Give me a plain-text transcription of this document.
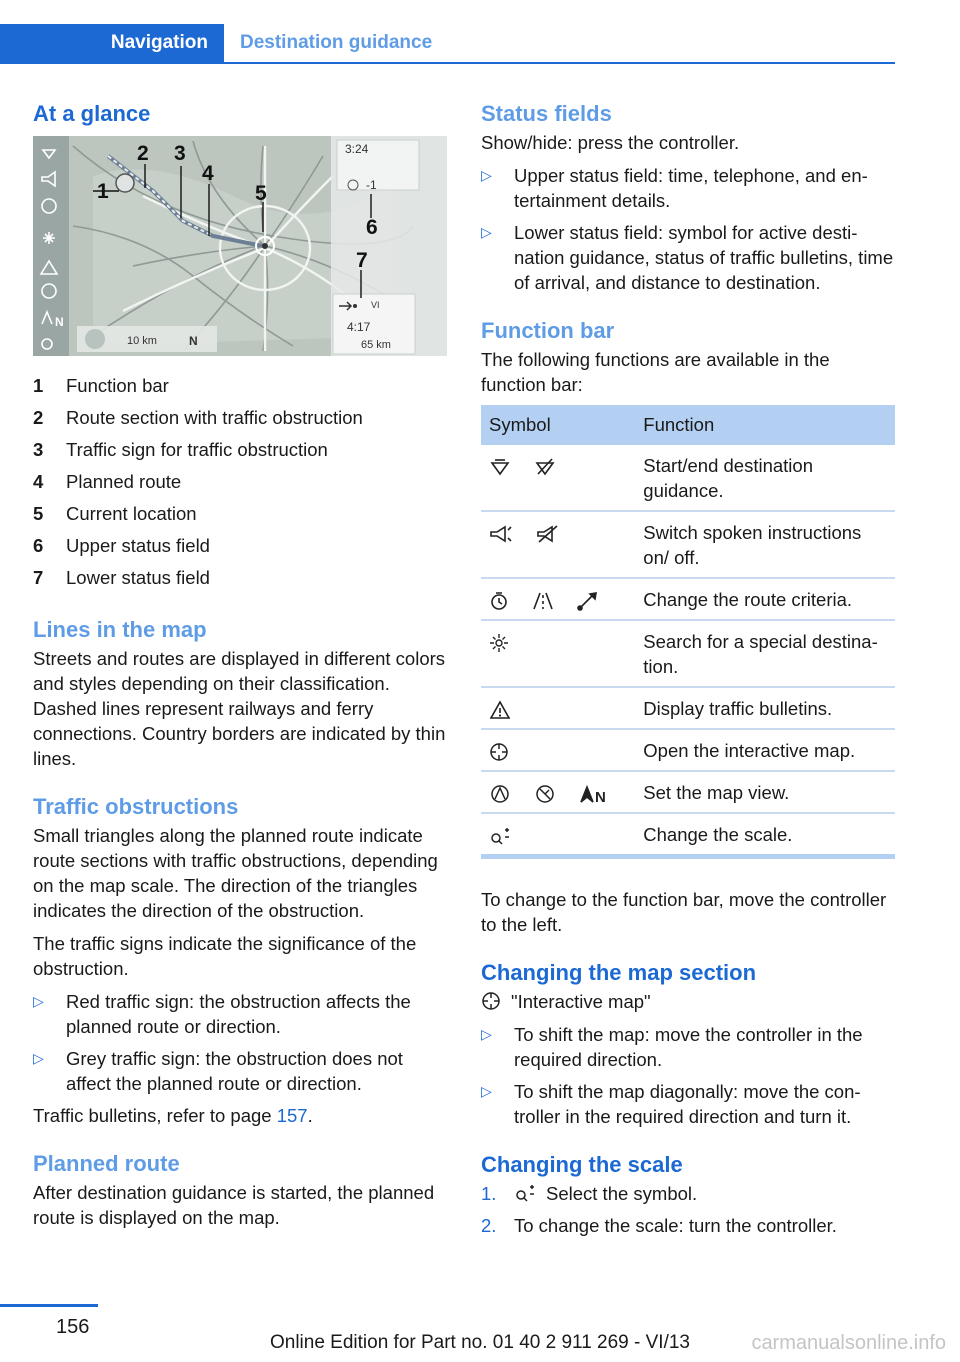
Navigation	Destination guidance
At a glance
N
10 km	N
3:24
-1
VI
4:17
65 km
1
2 3
4
5
6
7
1	Function bar
2	Route section with traffic obstruction
3	Traffic sign for traffic obstruction
4	Planned route
5	Current location
6	Upper status field
7	Lower status field
Lines in the map

Streets and routes are displayed in different colors and styles depending on their classification. Dashed lines represent railways and ferry connections. Country borders are indicated by thin lines.

Traffic obstructions

Small triangles along the planned route indicate route sections with traffic obstructions, depending on the map scale. The direction of the triangles indicates the direction of the obstruction.

The traffic signs indicate the significance of the obstruction.

▷	Red traffic sign: the obstruction affects the planned route or direction.
▷	Grey traffic sign: the obstruction does not affect the planned route or direction.

Traffic bulletins, refer to page 157.

Planned route

After destination guidance is started, the planned route is displayed on the map.

Status fields

Show/hide: press the controller.

▷	Upper status field: time, telephone, and entertainment details.
▷	Lower status field: symbol for active destination guidance, status of traffic bulletins, time of arrival, and distance to destination.
Function bar

The following functions are available in the function bar:

Symbol	Function
	Start/end destination guidance.
	Switch spoken instructions on/ off.
	Change the route criteria.
	Search for a special destination.
	Display traffic bulletins.
	Open the interactive map.

N	Set the map view.
	Change the scale.

To change to the function bar, move the controller to the left.

Changing the map section

"Interactive map"

▷	To shift the map: move the controller in the required direction.
▷	To shift the map diagonally: move the controller in the required direction and turn it.
Changing the scale
1.	Select the symbol.
2. To change the scale: turn the controller.
156
Online Edition for Part no. 01 40 2 911 269 - VI/13	carmanualsonline.info
